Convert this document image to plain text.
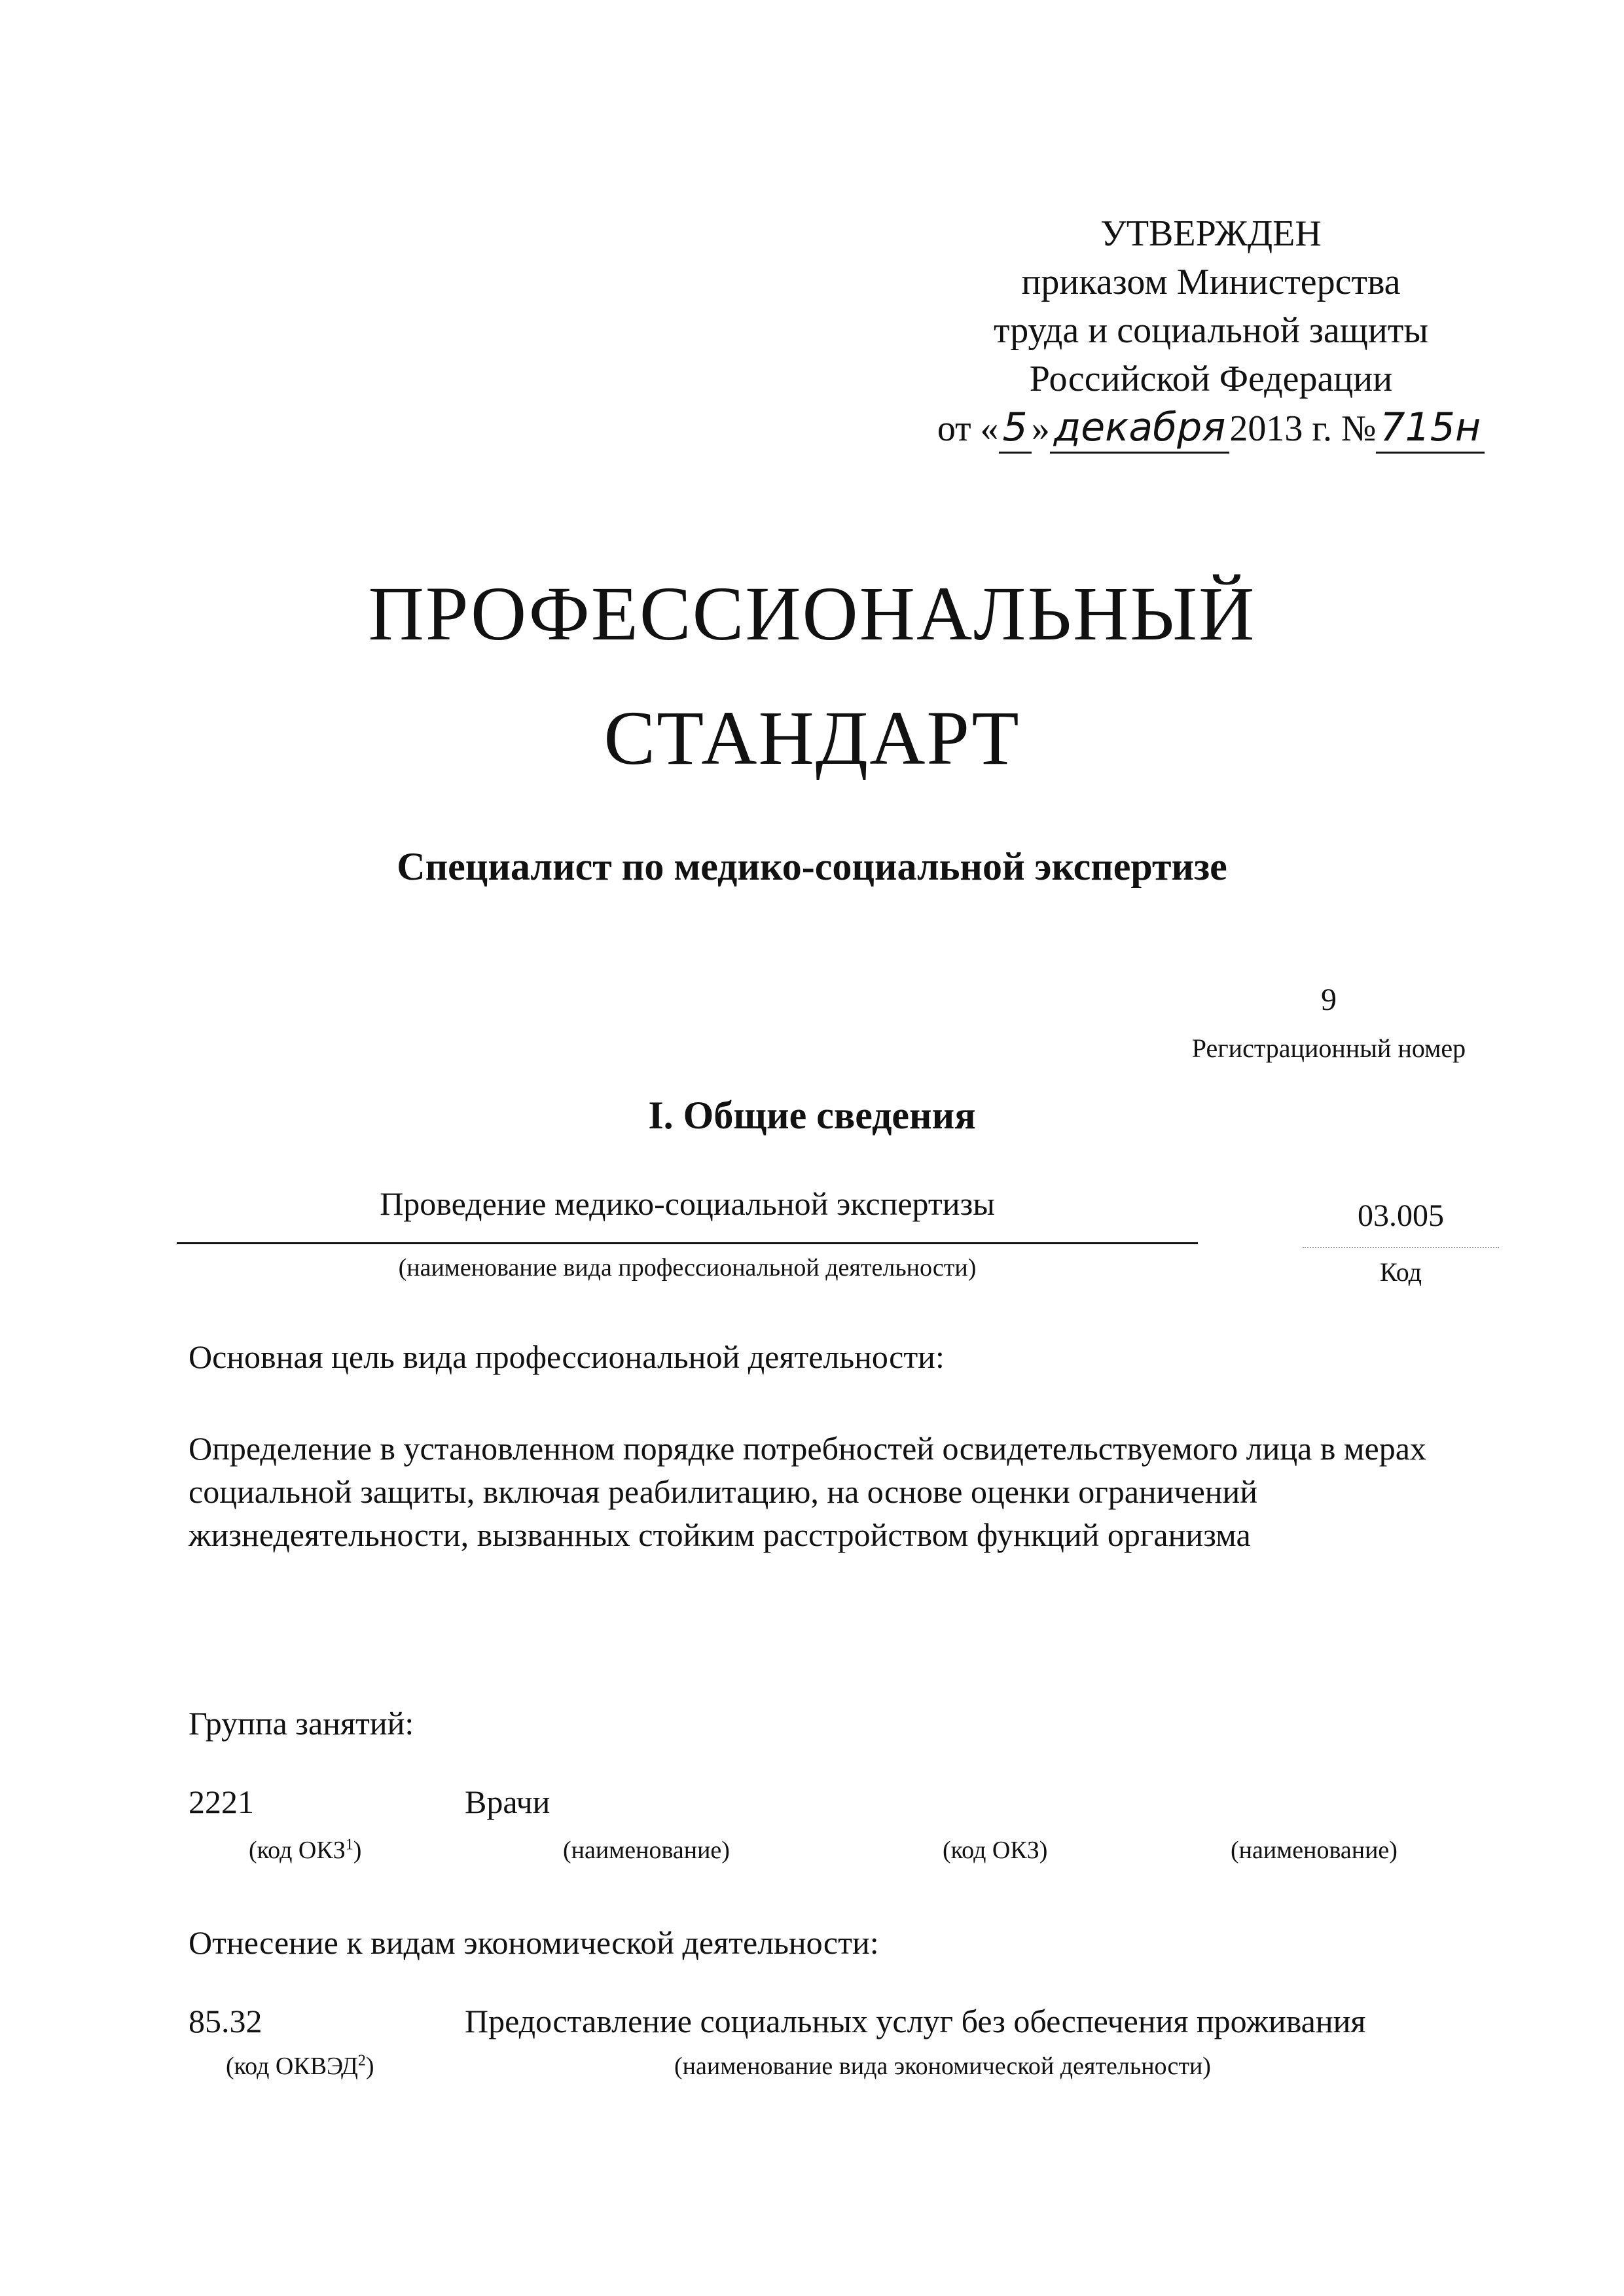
УТВЕРЖДЕН
приказом Министерства
труда и социальной защиты
Российской Федерации
от « 5 » декабря 2013 г. № 715н
ПРОФЕССИОНАЛЬНЫЙ
СТАНДАРТ
Специалист по медико-социальной экспертизе
9
Регистрационный номер
I. Общие сведения
Проведение медико-социальной экспертизы
(наименование вида профессиональной деятельности)
03.005
Код
Основная цель вида профессиональной деятельности:
Определение в установленном порядке потребностей освидетельствуемого лица в мерах социальной защиты, включая реабилитацию, на основе оценки ограничений жизнедеятельности, вызванных стойким расстройством функций организма
Группа занятий:
2221	Врачи
(код ОКЗ$^1$)	(наименование)	(код ОКЗ)	(наименование)
Отнесение к видам экономической деятельности:
85.32	Предоставление социальных услуг без обеспечения проживания
(код ОКВЭД$^2$)	(наименование вида экономической деятельности)
